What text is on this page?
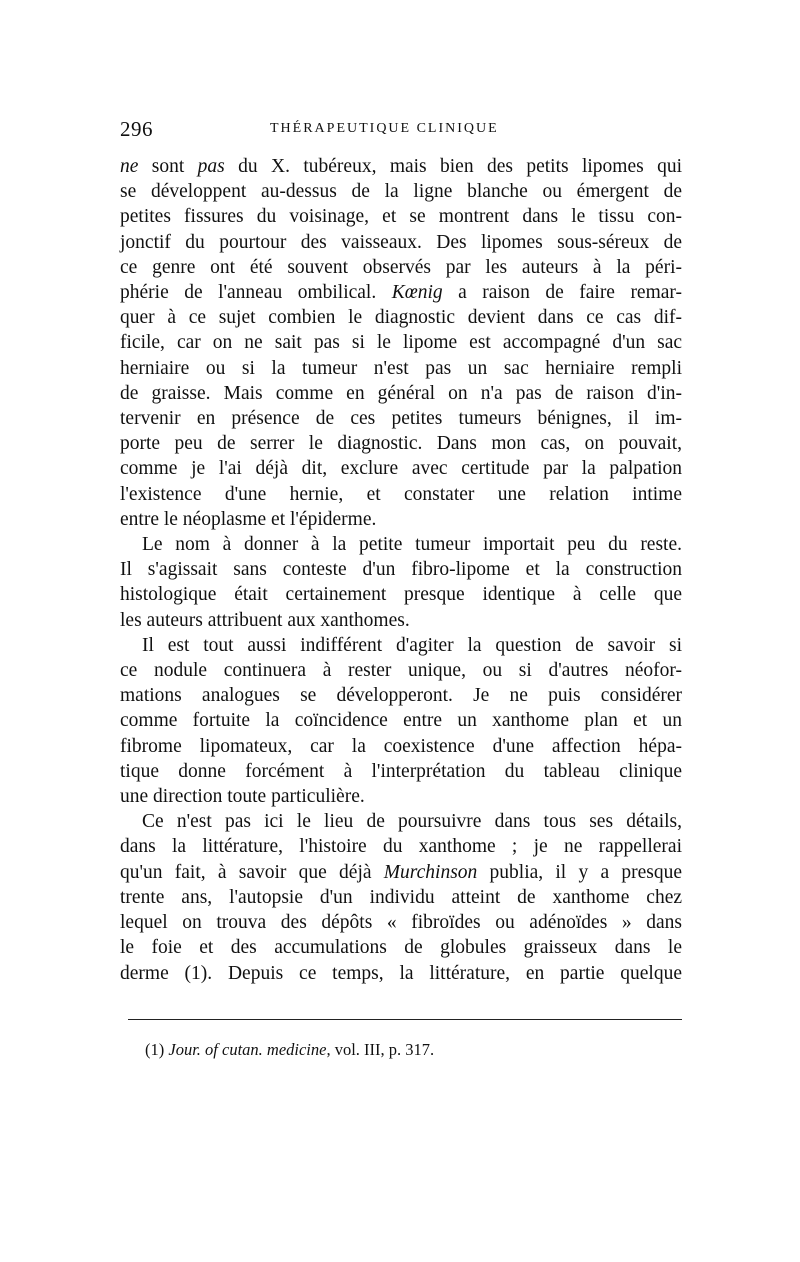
296	THÉRAPEUTIQUE CLINIQUE

ne sont pas du X. tubéreux, mais bien des petits lipomes qui
se développent au-dessus de la ligne blanche ou émergent de
petites fissures du voisinage, et se montrent dans le tissu con-
jonctif du pourtour des vaisseaux. Des lipomes sous-séreux de
ce genre ont été souvent observés par les auteurs à la péri-
phérie de l'anneau ombilical. Kœnig a raison de faire remar-
quer à ce sujet combien le diagnostic devient dans ce cas dif-
ficile, car on ne sait pas si le lipome est accompagné d'un sac
herniaire ou si la tumeur n'est pas un sac herniaire rempli
de graisse. Mais comme en général on n'a pas de raison d'in-
tervenir en présence de ces petites tumeurs bénignes, il im-
porte peu de serrer le diagnostic. Dans mon cas, on pouvait,
comme je l'ai déjà dit, exclure avec certitude par la palpation
l'existence d'une hernie, et constater une relation intime
entre le néoplasme et l'épiderme.

Le nom à donner à la petite tumeur importait peu du reste.
Il s'agissait sans conteste d'un fibro-lipome et la construction
histologique était certainement presque identique à celle que
les auteurs attribuent aux xanthomes.

Il est tout aussi indifférent d'agiter la question de savoir si
ce nodule continuera à rester unique, ou si d'autres néofor-
mations analogues se développeront. Je ne puis considérer
comme fortuite la coïncidence entre un xanthome plan et un
fibrome lipomateux, car la coexistence d'une affection hépa-
tique donne forcément à l'interprétation du tableau clinique
une direction toute particulière.

Ce n'est pas ici le lieu de poursuivre dans tous ses détails,
dans la littérature, l'histoire du xanthome ; je ne rappellerai
qu'un fait, à savoir que déjà Murchinson publia, il y a presque
trente ans, l'autopsie d'un individu atteint de xanthome chez
lequel on trouva des dépôts « fibroïdes ou adénoïdes » dans
le foie et des accumulations de globules graisseux dans le
derme (1). Depuis ce temps, la littérature, en partie quelque

(1) Jour. of cutan. medicine, vol. III, p. 317.
